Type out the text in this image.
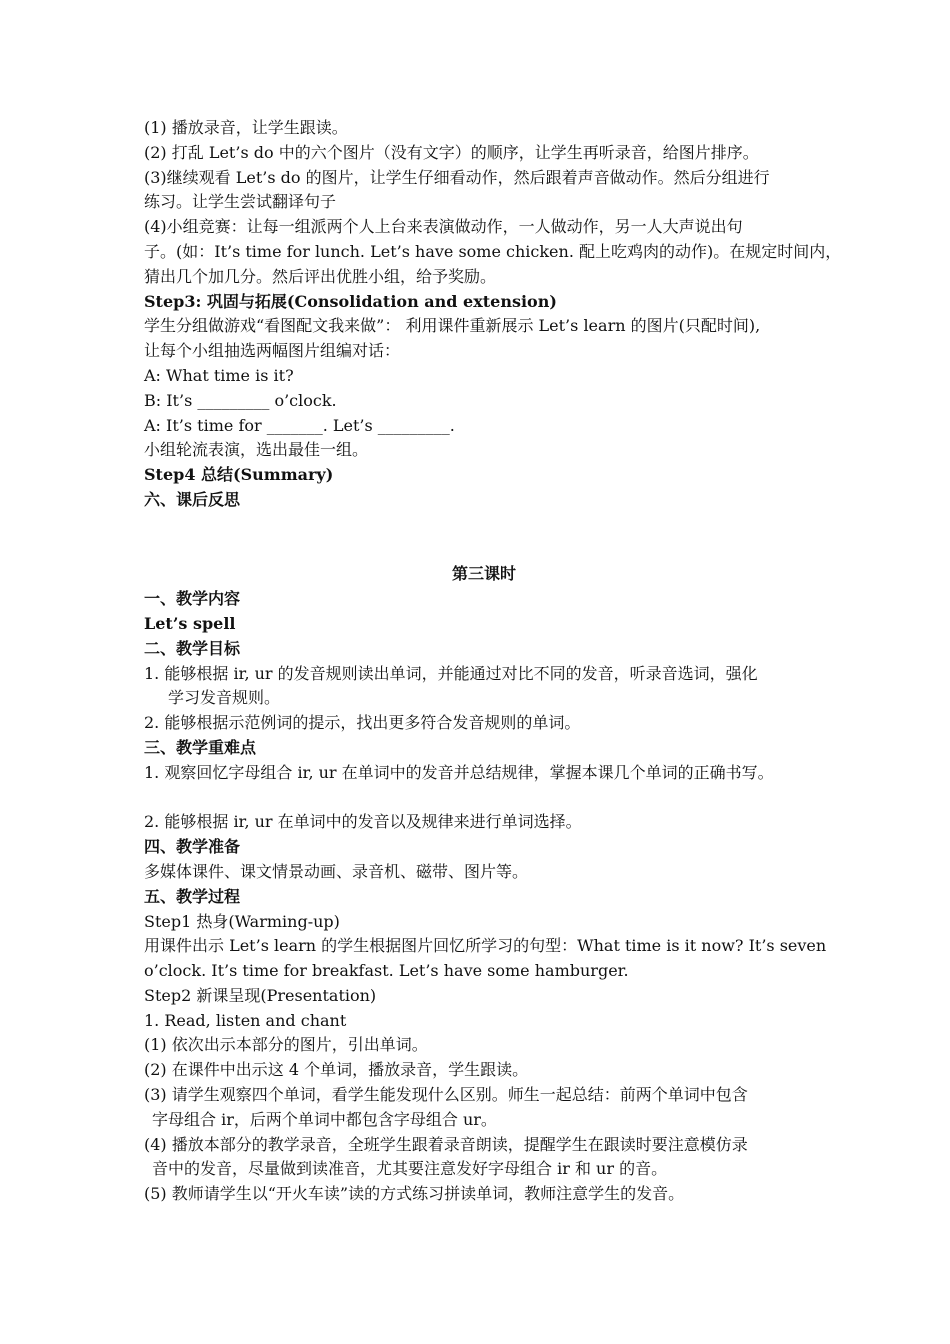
(1) 播放录音，让学生跟读。
(2) 打乱 Let’s do 中的六个图片（没有文字）的顺序，让学生再听录音，给图片排序。
(3)继续观看 Let’s do 的图片，让学生仔细看动作，然后跟着声音做动作。然后分组进行
练习。让学生尝试翻译句子
(4)小组竞赛：让每一组派两个人上台来表演做动作，一人做动作，另一人大声说出句
子。(如：It’s time for lunch. Let’s have some chicken. 配上吃鸡肉的动作)。在规定时间内，
猜出几个加几分。然后评出优胜小组，给予奖励。
Step3: 巩固与拓展(Consolidation and extension)
学生分组做游戏“看图配文我来做”： 利用课件重新展示 Let’s learn 的图片(只配时间),
让每个小组抽选两幅图片组编对话：
A: What time is it?
B: It’s _________ o’clock.
A: It’s time for _______. Let’s _________.
小组轮流表演，选出最佳一组。
Step4 总结(Summary)
六、课后反思
第三课时
一、教学内容
Let’s spell
二、教学目标
1. 能够根据 ir, ur 的发音规则读出单词，并能通过对比不同的发音，听录音选词，强化
学习发音规则。
2. 能够根据示范例词的提示，找出更多符合发音规则的单词。
三、教学重难点
1. 观察回忆字母组合 ir, ur 在单词中的发音并总结规律，掌握本课几个单词的正确书写。
2. 能够根据 ir, ur 在单词中的发音以及规律来进行单词选择。
四、教学准备
多媒体课件、课文情景动画、录音机、磁带、图片等。
五、教学过程
Step1 热身(Warming-up)
用课件出示 Let’s learn 的学生根据图片回忆所学习的句型：What time is it now? It’s seven
o’clock. It’s time for breakfast. Let’s have some hamburger.
Step2 新课呈现(Presentation)
1. Read, listen and chant
(1) 依次出示本部分的图片，引出单词。
(2) 在课件中出示这 4 个单词，播放录音，学生跟读。
(3) 请学生观察四个单词，看学生能发现什么区别。师生一起总结：前两个单词中包含
字母组合 ir，后两个单词中都包含字母组合 ur。
(4) 播放本部分的教学录音，全班学生跟着录音朗读，提醒学生在跟读时要注意模仿录
音中的发音，尽量做到读准音，尤其要注意发好字母组合 ir 和 ur 的音。
(5) 教师请学生以“开火车读”读的方式练习拼读单词，教师注意学生的发音。
